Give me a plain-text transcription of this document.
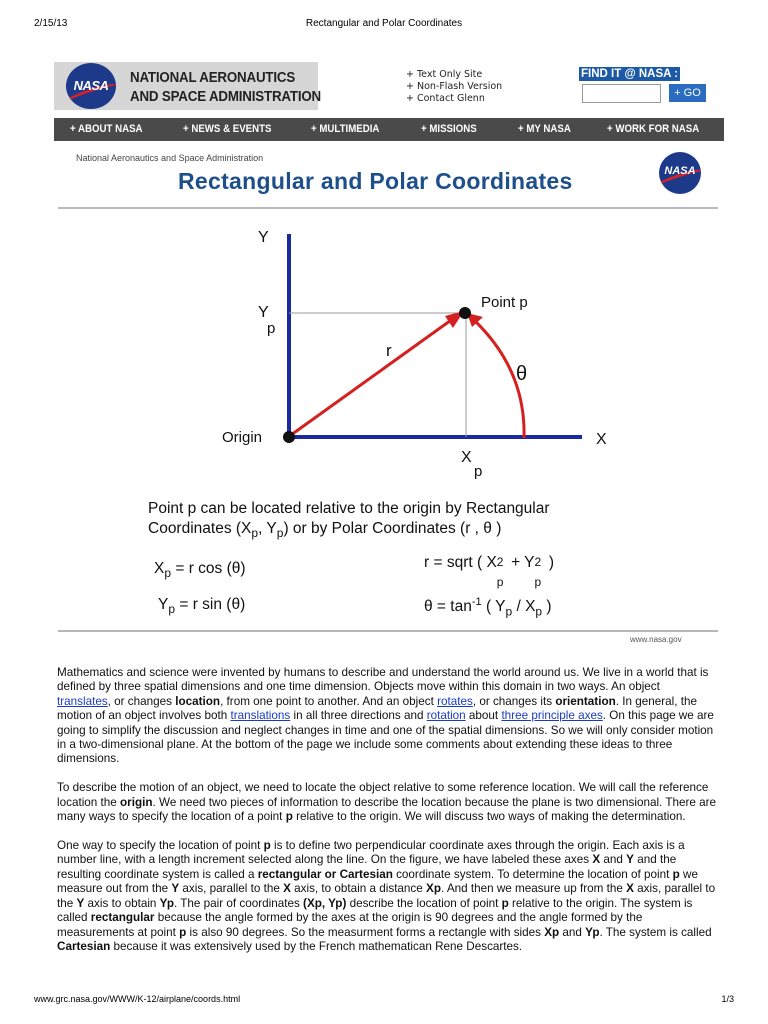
2/15/13	Rectangular and Polar Coordinates
NASA	NATIONAL AERONAUTICS
AND SPACE ADMINISTRATION
+ Text Only Site
+ Non-Flash Version
+ Contact Glenn
FIND IT @ NASA :
+ GO
+ ABOUT NASA	+ NEWS & EVENTS	+ MULTIMEDIA	+ MISSIONS	+ MY NASA	+ WORK FOR NASA
National Aeronautics and Space Administration
Rectangular and Polar Coordinates	NASA
Y
X
Origin
Point p
r
θ
Y
p
X
p
Point p can be located relative to the origin by Rectangular
Coordinates ($X_p$, $Y_p$) or by Polar Coordinates (r , θ )
$X_p = r$ cos (θ)
$Y_p = r$ sin (θ)
r = sqrt ( X 2
p
+ Y 2
p
)
$\theta = \tan^{-1}$ ( $Y_p / X_p$ )
www.nasa.gov

Mathematics and science were invented by humans to describe and understand the world around us. We live in a world that is defined by three spatial dimensions and one time dimension. Objects move within this domain in two ways. An object translates, or changes location, from one point to another. And an object rotates, or changes its orientation. In general, the motion of an object involves both translations in all three directions and rotation about three principle axes. On this page we are going to simplify the discussion and neglect changes in time and one of the spatial dimensions. So we will only consider motion in a two-dimensional plane. At the bottom of the page we include some comments about extending these ideas to three dimensions.

To describe the motion of an object, we need to locate the object relative to some reference location. We will call the reference location the origin. We need two pieces of information to describe the location because the plane is two dimensional. There are many ways to specify the location of a point p relative to the origin. We will discuss two ways of making the determination.

One way to specify the location of point p is to define two perpendicular coordinate axes through the origin. Each axis is a number line, with a length increment selected along the line. On the figure, we have labeled these axes X and Y and the resulting coordinate system is called a rectangular or Cartesian coordinate system. To determine the location of point p we measure out from the Y axis, parallel to the X axis, to obtain a distance Xp. And then we measure up from the X axis, parallel to the Y axis to obtain Yp. The pair of coordinates (Xp, Yp) describe the location of point p relative to the origin. The system is called rectangular because the angle formed by the axes at the origin is 90 degrees and the angle formed by the measurements at point p is also 90 degrees. So the measurment forms a rectangle with sides Xp and Yp. The system is called Cartesian because it was extensively used by the French mathematican Rene Descartes.

www.grc.nasa.gov/WWW/K-12/airplane/coords.html	1/3
